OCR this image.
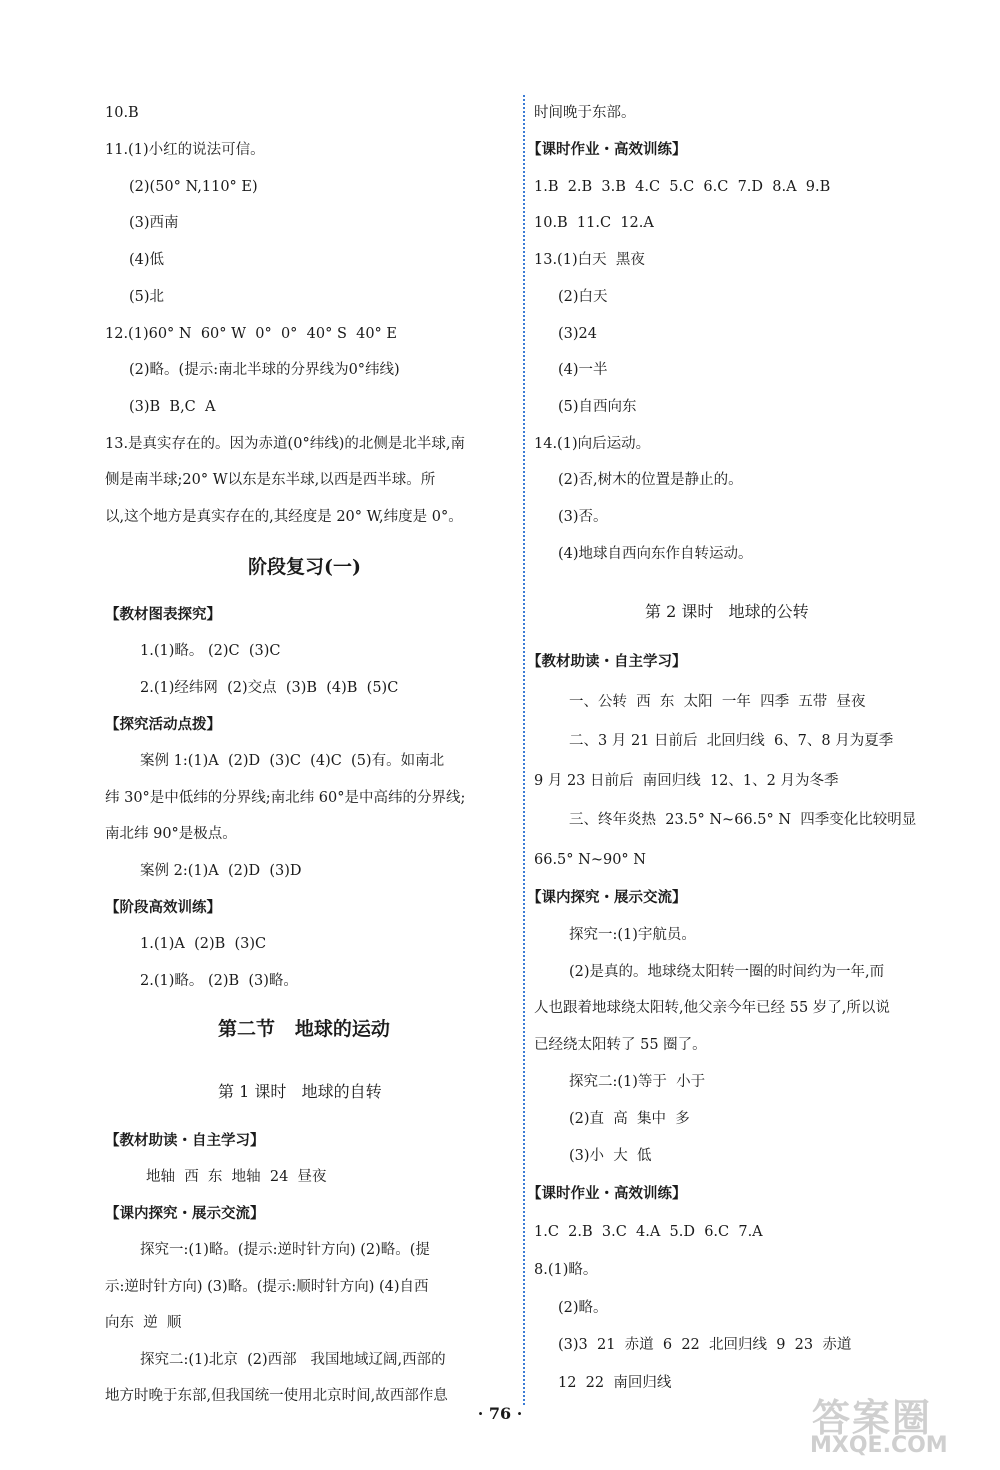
10.B
11.(1)小红的说法可信。
(2)(50° N,110° E)
(3)西南
(4)低
(5)北
12.(1)60° N  60° W  0°  0°  40° S  40° E
(2)略。(提示:南北半球的分界线为0°纬线)
(3)B  B,C  A
13.是真实存在的。因为赤道(0°纬线)的北侧是北半球,南
侧是南半球;20° W以东是东半球,以西是西半球。所
以,这个地方是真实存在的,其经度是 20° W,纬度是 0°。
阶段复习(一)
【教材图表探究】
1.(1)略。 (2)C  (3)C
2.(1)经纬网  (2)交点  (3)B  (4)B  (5)C
【探究活动点拨】
案例 1:(1)A  (2)D  (3)C  (4)C  (5)有。如南北
纬 30°是中低纬的分界线;南北纬 60°是中高纬的分界线;
南北纬 90°是极点。
案例 2:(1)A  (2)D  (3)D
【阶段高效训练】
1.(1)A  (2)B  (3)C
2.(1)略。 (2)B  (3)略。
第二节   地球的运动
第 1 课时   地球的自转
【教材助读・自主学习】
地轴  西  东  地轴  24  昼夜
【课内探究・展示交流】
探究一:(1)略。(提示:逆时针方向) (2)略。(提
示:逆时针方向) (3)略。(提示:顺时针方向) (4)自西
向东  逆  顺
探究二:(1)北京  (2)西部   我国地域辽阔,西部的
地方时晚于东部,但我国统一使用北京时间,故西部作息
时间晚于东部。
【课时作业・高效训练】
1.B  2.B  3.B  4.C  5.C  6.C  7.D  8.A  9.B
10.B  11.C  12.A
13.(1)白天  黑夜
(2)白天
(3)24
(4)一半
(5)自西向东
14.(1)向后运动。
(2)否,树木的位置是静止的。
(3)否。
(4)地球自西向东作自转运动。
第 2 课时   地球的公转
【教材助读・自主学习】
一、公转  西  东  太阳  一年  四季  五带  昼夜
二、3 月 21 日前后  北回归线  6、7、8 月为夏季
9 月 23 日前后  南回归线  12、1、2 月为冬季
三、终年炎热  23.5° N~66.5° N  四季变化比较明显
66.5° N~90° N
【课内探究・展示交流】
探究一:(1)宇航员。
(2)是真的。地球绕太阳转一圈的时间约为一年,而
人也跟着地球绕太阳转,他父亲今年已经 55 岁了,所以说
已经绕太阳转了 55 圈了。
探究二:(1)等于  小于
(2)直  高  集中  多
(3)小  大  低
【课时作业・高效训练】
1.C  2.B  3.C  4.A  5.D  6.C  7.A
8.(1)略。
(2)略。
(3)3  21  赤道  6  22  北回归线  9  23  赤道
12  22  南回归线
· 76 ·	答案圈
MXQE.COM
